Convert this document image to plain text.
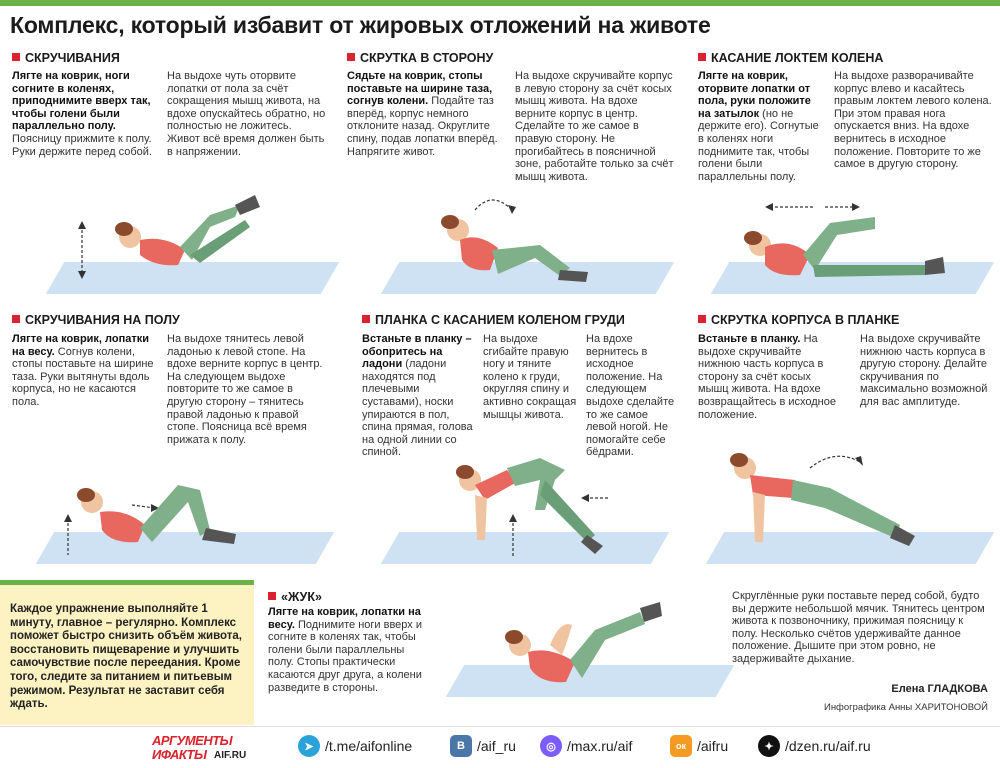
Комплекс, который избавит от жировых отложений на животе
СКРУЧИВАНИЯ
Лягте на коврик, ноги согните в коленях, приподнимите вверх так, чтобы голени были параллельно полу. Поясницу прижмите к полу. Руки держите перед собой.
На выдохе чуть оторвите лопатки от пола за счёт сокращения мышц живота, на вдохе опускайтесь обратно, но полностью не ложитесь. Живот всё время должен быть в напряжении.
СКРУТКА В СТОРОНУ
Сядьте на коврик, стопы поставьте на ширине таза, согнув колени. Подайте таз вперёд, корпус немного отклоните назад. Округлите спину, подав лопатки вперёд. Напрягите живот.
На выдохе скручивайте корпус в левую сторону за счёт косых мышц живота. На вдохе верните корпус в центр. Сделайте то же самое в правую сторону. Не прогибайтесь в поясничной зоне, работайте только за счёт мышц живота.
КАСАНИЕ ЛОКТЕМ КОЛЕНА
Лягте на коврик, оторвите лопатки от пола, руки положите на затылок (но не держите его). Согнутые в коленях ноги поднимите так, чтобы голени были параллельны полу.
На выдохе разворачивайте корпус влево и касайтесь правым локтем левого колена. При этом правая нога опускается вниз. На вдохе вернитесь в исходное положение. Повторите то же самое в другую сторону.
СКРУЧИВАНИЯ НА ПОЛУ
Лягте на коврик, лопатки на весу. Согнув колени, стопы поставьте на ширине таза. Руки вытянуты вдоль корпуса, но не касаются пола.
На выдохе тянитесь левой ладонью к левой стопе. На вдохе верните корпус в центр. На следующем выдохе повторите то же самое в другую сторону – тянитесь правой ладонью к правой стопе. Поясница всё время прижата к полу.
ПЛАНКА С КАСАНИЕМ КОЛЕНОМ ГРУДИ
Встаньте в планку – обопритесь на ладони (ладони находятся под плечевыми суставами), носки упираются в пол, спина прямая, голова на одной линии со спиной.
На выдохе сгибайте правую ногу и тяните колено к груди, округляя спину и активно сокращая мышцы живота.
На вдохе вернитесь в исходное положение. На следующем выдохе сделайте то же самое левой ногой. Не помогайте себе бёдрами.
СКРУТКА КОРПУСА В ПЛАНКЕ
Встаньте в планку. На выдохе скручивайте нижнюю часть корпуса в сторону за счёт косых мышц живота. На вдохе возвращайтесь в исходное положение.
На выдохе скручивайте нижнюю часть корпуса в другую сторону. Делайте скручивания по максимально возможной для вас амплитуде.
«ЖУК»
Лягте на коврик, лопатки на весу. Поднимите ноги вверх и согните в коленях так, чтобы голени были параллельны полу. Стопы практически касаются друг друга, а колени разведите в стороны.
Скруглённые руки поставьте перед собой, будто вы держите небольшой мячик. Тянитесь центром живота к позвоночнику, прижимая поясницу к полу. Несколько счётов удерживайте данное положение. Дышите при этом ровно, не задерживайте дыхание.
Каждое упражнение выполняйте 1 минуту, главное – регулярно. Комплекс поможет быстро снизить объём живота, восстановить пищеварение и улучшить самочувствие после переедания. Кроме того, следите за питанием и питьевым режимом. Результат не заставит себя ждать.
Елена ГЛАДКОВА
Инфографика Анны ХАРИТОНОВОЙ
АРГУМЕНТЫ
ИФАКТЫ AIF.RU
➤ /t.me/aifonline	В /aif_ru	◎ /max.ru/aif	ок /aifru	✦ /dzen.ru/aif.ru
